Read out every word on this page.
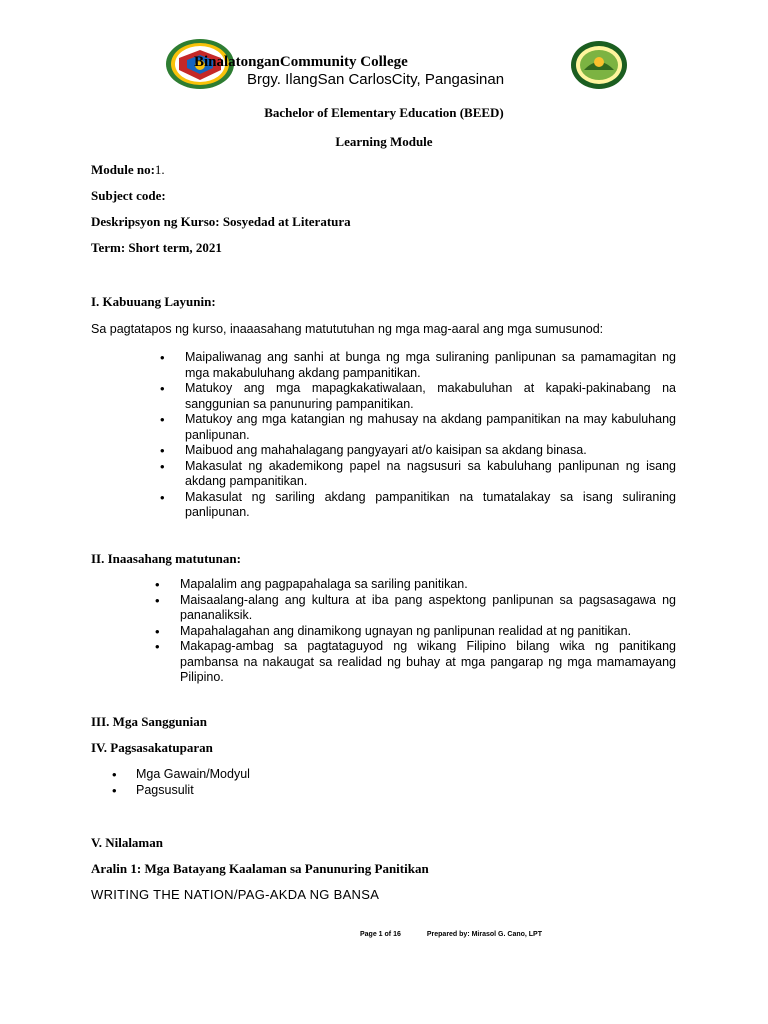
BinalatonganCommunity College
Brgy. IlangSan CarlosCity, Pangasinan
Bachelor of Elementary Education (BEED)
Learning Module
Module no:1.
Subject code:
Deskripsyon ng Kurso: Sosyedad at Literatura
Term: Short term, 2021
I. Kabuuang Layunin:
Sa pagtatapos ng kurso, inaaasahang matututuhan ng mga mag-aaral ang mga sumusunod:
• Maipaliwanag ang sanhi at bunga ng mga suliraning panlipunan sa pamamagitan ng mga makabuluhang akdang pampanitikan.
• Matukoy ang mga mapagkakatiwalaan, makabuluhan at kapaki-pakinabang na sanggunian sa panunuring pampanitikan.
• Matukoy ang mga katangian ng mahusay na akdang pampanitikan na may kabuluhang panlipunan.
• Maibuod ang mahahalagang pangyayari at/o kaisipan sa akdang binasa.
• Makasulat ng akademikong papel na nagsusuri sa kabuluhang panlipunan ng isang akdang pampanitikan.
• Makasulat ng sariling akdang pampanitikan na tumatalakay sa isang suliraning panlipunan.
II. Inaasahang matutunan:
• Mapalalim ang pagpapahalaga sa sariling panitikan.
• Maisaalang-alang ang kultura at iba pang aspektong panlipunan sa pagsasagawa ng pananaliksik.
• Mapahalagahan ang dinamikong ugnayan ng panlipunan realidad at ng panitikan.
• Makapag-ambag sa pagtataguyod ng wikang Filipino bilang wika ng panitikang pambansa na nakaugat sa realidad ng buhay at mga pangarap ng mga mamamayang Pilipino.
III. Mga Sanggunian
IV. Pagsasakatuparan
• Mga Gawain/Modyul
• Pagsusulit
V. Nilalaman
Aralin 1: Mga Batayang Kaalaman sa Panunuring Panitikan
WRITING THE NATION/PAG-AKDA NG BANSA
Page 1 of 16	Prepared by: Mirasol G. Cano, LPT
